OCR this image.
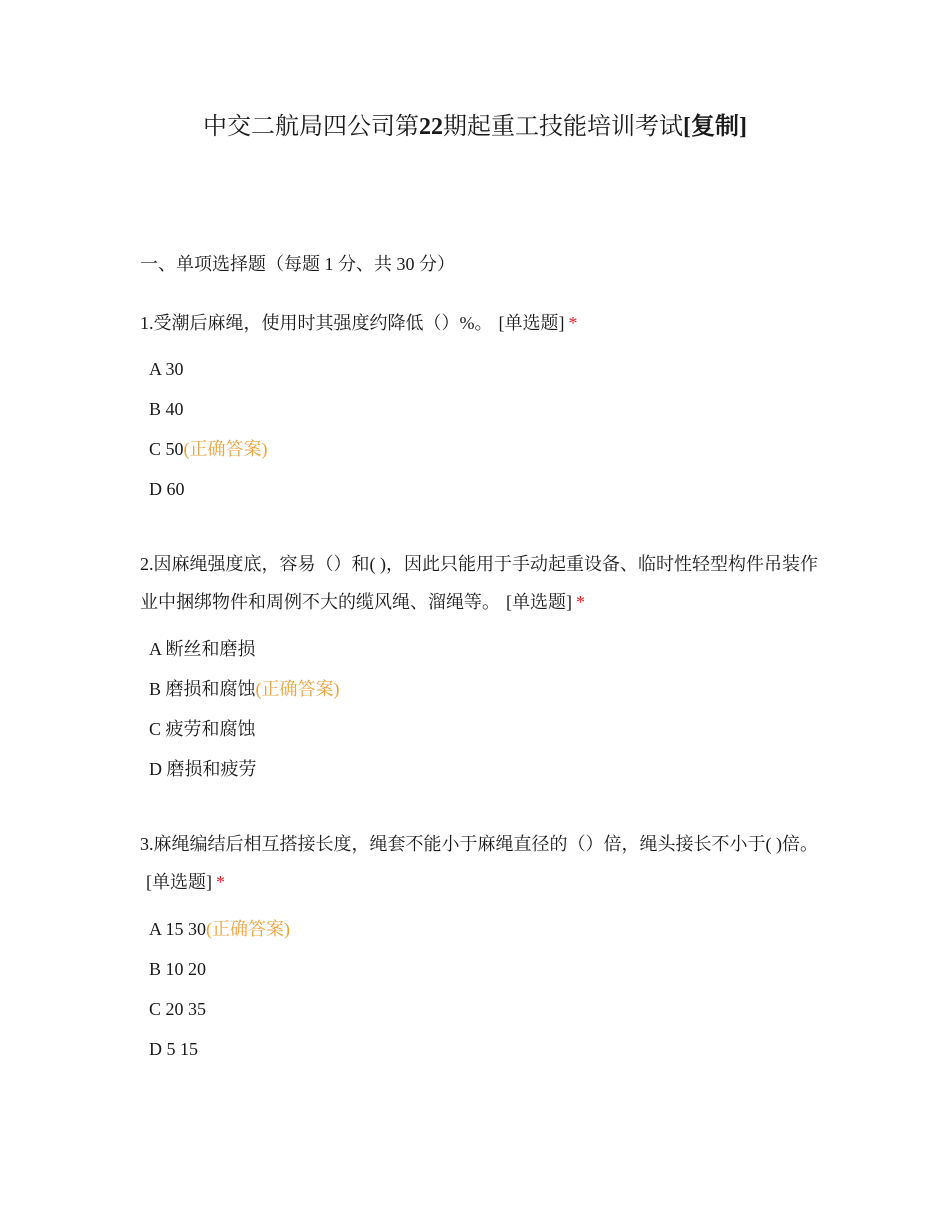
中交二航局四公司第22期起重工技能培训考试[复制]
一、单项选择题（每题 1 分、共 30 分）
1.受潮后麻绳，使用时其强度约降低（）%。 [单选题] *
A 30
B 40
C 50(正确答案)
D 60
2.因麻绳强度底，容易（）和( )，因此只能用于手动起重设备、临时性轻型构件吊装作业中捆绑物件和周例不大的缆风绳、溜绳等。 [单选题] *
A 断丝和磨损
B 磨损和腐蚀(正确答案)
C 疲劳和腐蚀
D 磨损和疲劳
3.麻绳编结后相互搭接长度，绳套不能小于麻绳直径的（）倍，绳头接长不小于( )倍。[单选题] *
A 15 30(正确答案)
B 10 20
C 20 35
D 5 15
